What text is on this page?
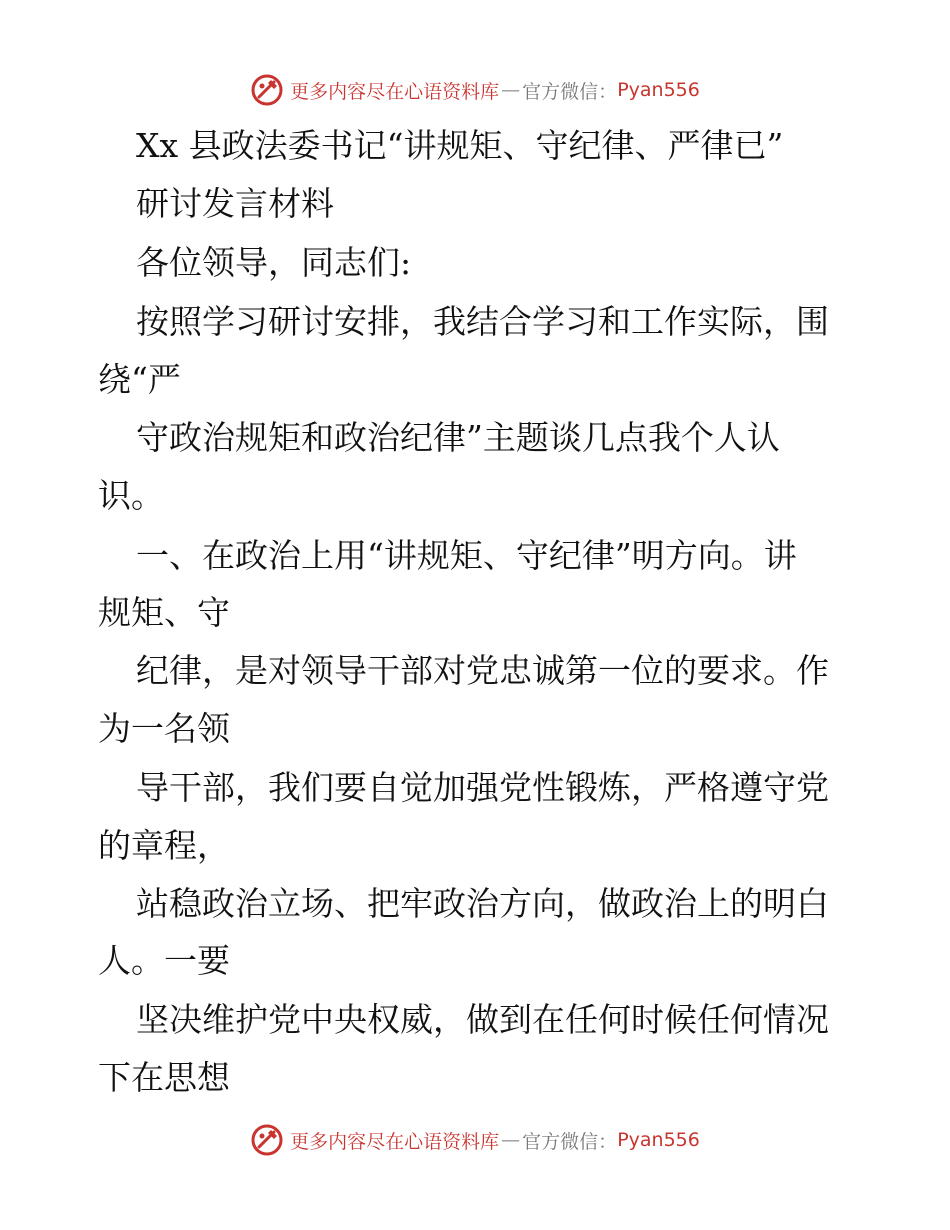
更多内容尽在心语资料库 — 官方微信： Pyan556
Xx 县政法委书记“讲规矩、守纪律、严律已”
研讨发言材料
各位领导，同志们:
按照学习研讨安排，我结合学习和工作实际，围
绕“严
守政治规矩和政治纪律”主题谈几点我个人认
识。
一、在政治上用“讲规矩、守纪律”明方向。讲
规矩、守
纪律，是对领导干部对党忠诚第一位的要求。作
为一名领
导干部，我们要自觉加强党性锻炼，严格遵守党
的章程，
站稳政治立场、把牢政治方向，做政治上的明白
人。一要
坚决维护党中央权威，做到在任何时候任何情况
下在思想
更多内容尽在心语资料库 — 官方微信： Pyan556
